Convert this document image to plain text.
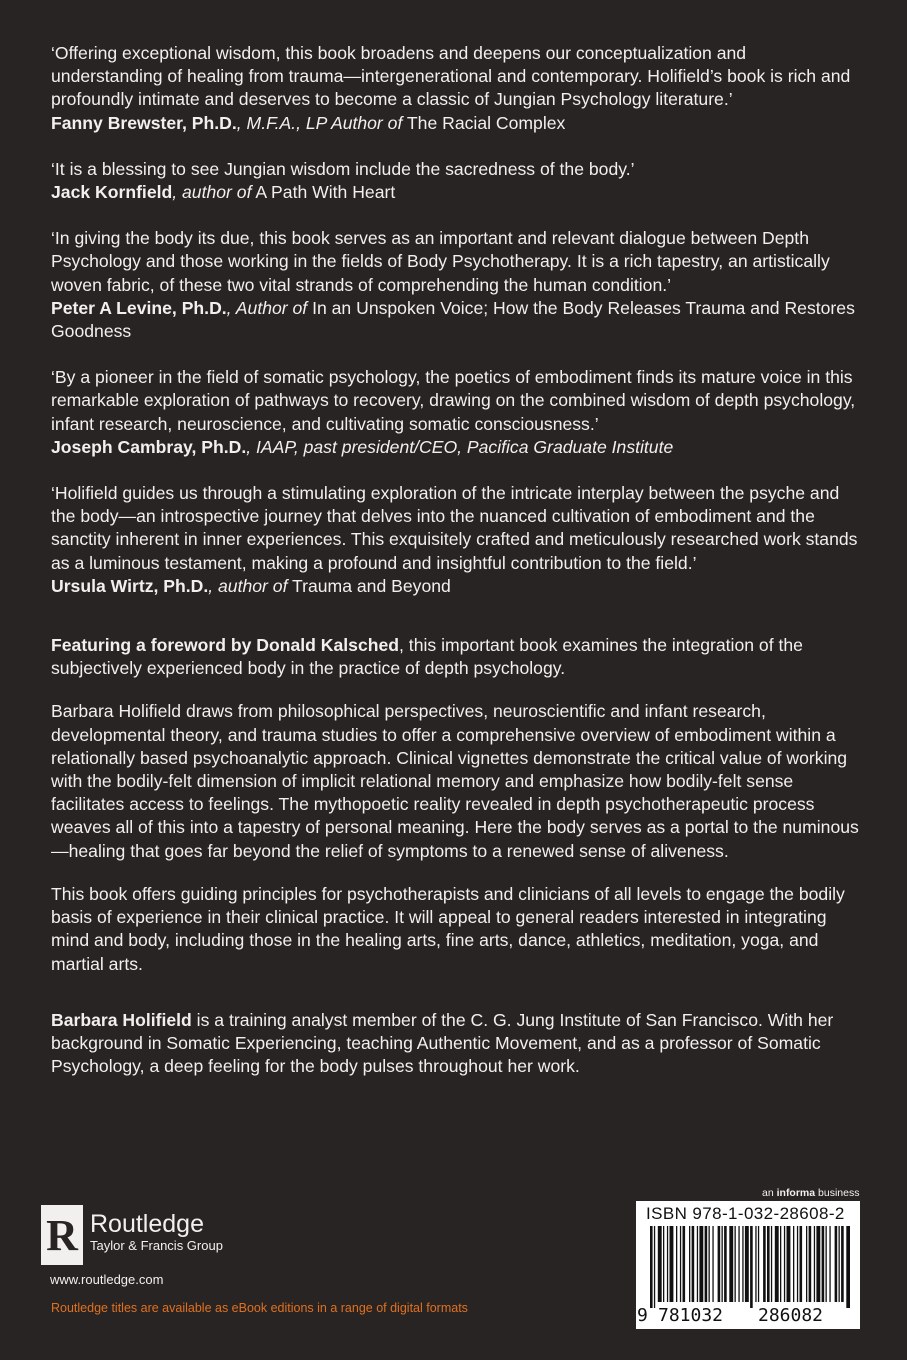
‘Offering exceptional wisdom, this book broadens and deepens our conceptualization and understanding of healing from trauma—intergenerational and contemporary. Holifield’s book is rich and profoundly intimate and deserves to become a classic of Jungian Psychology literature.’

Fanny Brewster, Ph.D., M.F.A., LP Author of The Racial Complex

‘It is a blessing to see Jungian wisdom include the sacredness of the body.’

Jack Kornfield, author of A Path With Heart

‘In giving the body its due, this book serves as an important and relevant dialogue between Depth Psychology and those working in the fields of Body Psychotherapy. It is a rich tapestry, an artistically woven fabric, of these two vital strands of comprehending the human condition.’

Peter A Levine, Ph.D., Author of In an Unspoken Voice; How the Body Releases Trauma and Restores Goodness

‘By a pioneer in the field of somatic psychology, the poetics of embodiment finds its mature voice in this remarkable exploration of pathways to recovery, drawing on the combined wisdom of depth psychology, infant research, neuroscience, and cultivating somatic consciousness.’

Joseph Cambray, Ph.D., IAAP, past president/CEO, Pacifica Graduate Institute

‘Holifield guides us through a stimulating exploration of the intricate interplay between the psyche and the body—an introspective journey that delves into the nuanced cultivation of embodiment and the sanctity inherent in inner experiences. This exquisitely crafted and meticulously researched work stands as a luminous testament, making a profound and insightful contribution to the field.’

Ursula Wirtz, Ph.D., author of Trauma and Beyond

Featuring a foreword by Donald Kalsched, this important book examines the integration of the subjectively experienced body in the practice of depth psychology.

Barbara Holifield draws from philosophical perspectives, neuroscientific and infant research, developmental theory, and trauma studies to offer a comprehensive overview of embodiment within a relationally based psychoanalytic approach. Clinical vignettes demonstrate the critical value of working with the bodily-felt dimension of implicit relational memory and emphasize how bodily-felt sense facilitates access to feelings. The mythopoetic reality revealed in depth psychotherapeutic process weaves all of this into a tapestry of personal meaning. Here the body serves as a portal to the numinous—healing that goes far beyond the relief of symptoms to a renewed sense of aliveness.

This book offers guiding principles for psychotherapists and clinicians of all levels to engage the bodily basis of experience in their clinical practice. It will appeal to general readers interested in integrating mind and body, including those in the healing arts, fine arts, dance, athletics, meditation, yoga, and martial arts.

Barbara Holifield is a training analyst member of the C. G. Jung Institute of San Francisco. With her background in Somatic Experiencing, teaching Authentic Movement, and as a professor of Somatic Psychology, a deep feeling for the body pulses throughout her work.

R Routledge
Taylor & Francis Group
www.routledge.com
Routledge titles are available as eBook editions in a range of digital formats
an informa business
ISBN 978-1-032-28608-2
9 781032 286082
